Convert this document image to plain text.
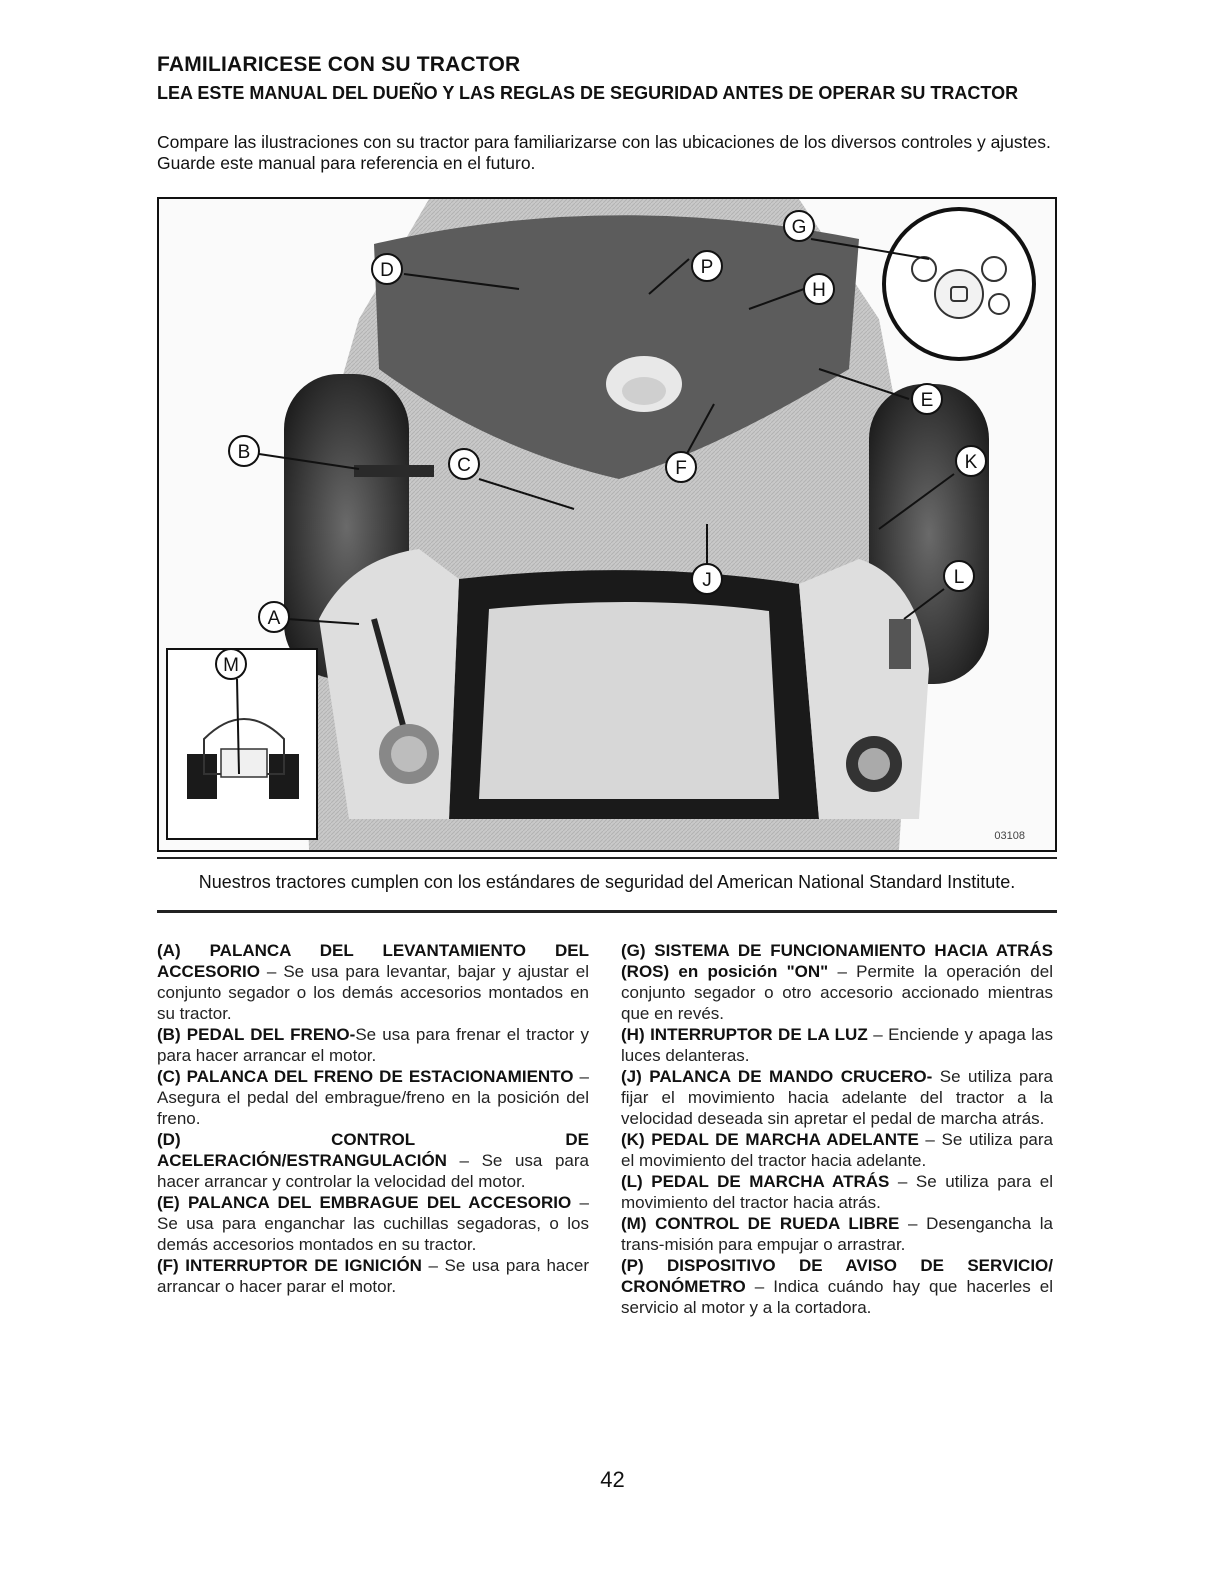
FAMILIARICESE CON SU TRACTOR
LEA ESTE MANUAL DEL DUEÑO Y LAS REGLAS DE SEGURIDAD ANTES DE OPERAR SU TRACTOR
Compare las ilustraciones con su tractor para familiarizarse con las ubicaciones de los diversos controles y ajustes. Guarde este manual para referencia en el futuro.
A
B
C
D
E
F
G
H
J
K
L
M
P
03108
Nuestros tractores cumplen con los estándares de seguridad del American National Standard Institute.

(A) PALANCA DEL LEVANTAMIENTO DEL ACCESORIO – Se usa para levantar, bajar y ajustar el conjunto segador o los demás accesorios montados en su tractor.

(B) PEDAL DEL FRENO-Se usa para frenar el tractor y para hacer arrancar el motor.

(C) PALANCA DEL FRENO DE ESTACIONAMIENTO – Asegura el pedal del embrague/freno en la posición del freno.

(D) CONTROL DE ACELERACIÓN/ESTRANGULACIÓN – Se usa para hacer arrancar y controlar la velocidad del motor.

(E) PALANCA DEL EMBRAGUE DEL ACCESORIO – Se usa para enganchar las cuchillas segadoras, o los demás accesorios montados en su tractor.

(F) INTERRUPTOR DE IGNICIÓN – Se usa para hacer arrancar o hacer parar el motor.

(G) SISTEMA DE FUNCIONAMIENTO HACIA ATRÁS (ROS) en posición "ON" – Permite la operación del conjunto segador o otro accesorio accionado mientras que en revés.

(H) INTERRUPTOR DE LA LUZ – Enciende y apaga las luces delanteras.

(J) PALANCA DE MANDO CRUCERO- Se utiliza para fijar el movimiento hacia adelante del tractor a la velocidad deseada sin apretar el pedal de marcha atrás.

(K) PEDAL DE MARCHA ADELANTE – Se utiliza para el movimiento del tractor hacia adelante.

(L) PEDAL DE MARCHA ATRÁS – Se utiliza para el movimiento del tractor hacia atrás.

(M) CONTROL DE RUEDA LIBRE – Desengancha la trans-misión para empujar o arrastrar.

(P) DISPOSITIVO DE AVISO DE SERVICIO/ CRONÓMETRO – Indica cuándo hay que hacerles el servicio al motor y a la cortadora.

42
